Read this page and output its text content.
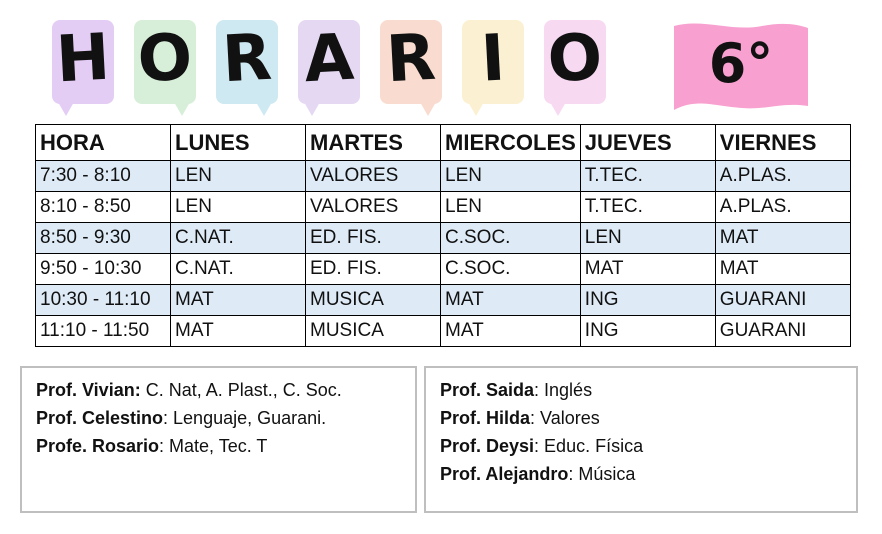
H O R A R I O	6°
HORA	LUNES	MARTES	MIERCOLES	JUEVES	VIERNES
7:30 - 8:10	LEN	VALORES	LEN	T.TEC.	A.PLAS.
8:10 - 8:50	LEN	VALORES	LEN	T.TEC.	A.PLAS.
8:50 - 9:30	C.NAT.	ED. FIS.	C.SOC.	LEN	MAT
9:50 - 10:30	C.NAT.	ED. FIS.	C.SOC.	MAT	MAT
10:30 - 11:10	MAT	MUSICA	MAT	ING	GUARANI
11:10 - 11:50	MAT	MUSICA	MAT	ING	GUARANI
Prof. Vivian: C. Nat, A. Plast., C. Soc.
Prof. Celestino: Lenguaje, Guarani.
Profe. Rosario: Mate, Tec. T
Prof. Saida: Inglés
Prof. Hilda: Valores
Prof. Deysi: Educ. Física
Prof. Alejandro: Música
